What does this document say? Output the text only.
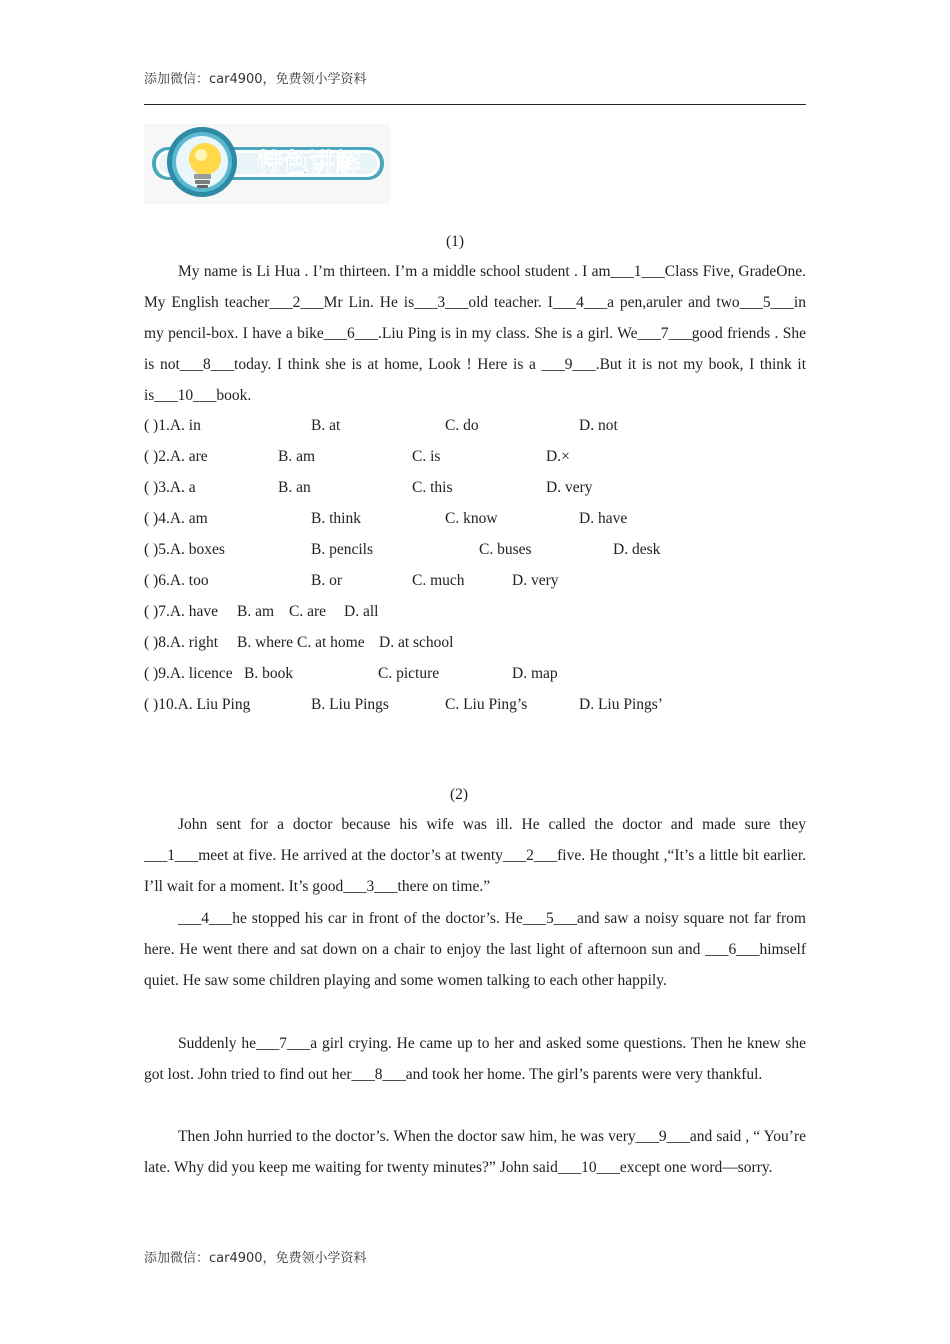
添加微信：car4900，免费领小学资料
特色讲解
(1)

My name is Li Hua . I’m thirteen. I’m a middle school student . I am___1___Class Five, GradeOne. My English teacher___2___Mr Lin. He is___3___old teacher. I___4___a pen,aruler and two___5___in my pencil-box. I have a bike___6___.Liu Ping is in my class. She is a girl. We___7___good friends . She is not___8___today. I think she is at home, Look ! Here is a ___9___.But it is not my book, I think it is___10___book.

( )1.A. in	B. at	C. do	D. not
( )2.A. are	B. am	C. is	D.×
( )3.A. a	B. an	C. this	D. very
( )4.A. am	B. think	C. know	D. have
( )5.A. boxes	B. pencils	C. buses	D. desk
( )6.A. too	B. or	C. much	D. very
( )7.A. have B. am C. are D. all
( )8.A. right B. where C. at home D. at school
( )9.A. licence B. book	C. picture	D. map
( )10.A. Liu Ping	B. Liu Pings	C. Liu Ping’s	D. Liu Pings’
(2)

John sent for a doctor because his wife was ill. He called the doctor and made sure they ___1___meet at five. He arrived at the doctor’s at twenty___2___five. He thought ,“It’s a little bit earlier. I’ll wait for a moment. It’s good___3___there on time.”

___4___he stopped his car in front of the doctor’s. He___5___and saw a noisy square not far from here. He went there and sat down on a chair to enjoy the last light of afternoon sun and ___6___himself quiet. He saw some children playing and some women talking to each other happily.

Suddenly he___7___a girl crying. He came up to her and asked some questions. Then he knew she got lost. John tried to find out her___8___and took her home. The girl’s parents were very thankful.

Then John hurried to the doctor’s. When the doctor saw him, he was very___9___and said , “ You’re late. Why did you keep me waiting for twenty minutes?” John said___10___except one word—sorry.

添加微信：car4900，免费领小学资料
